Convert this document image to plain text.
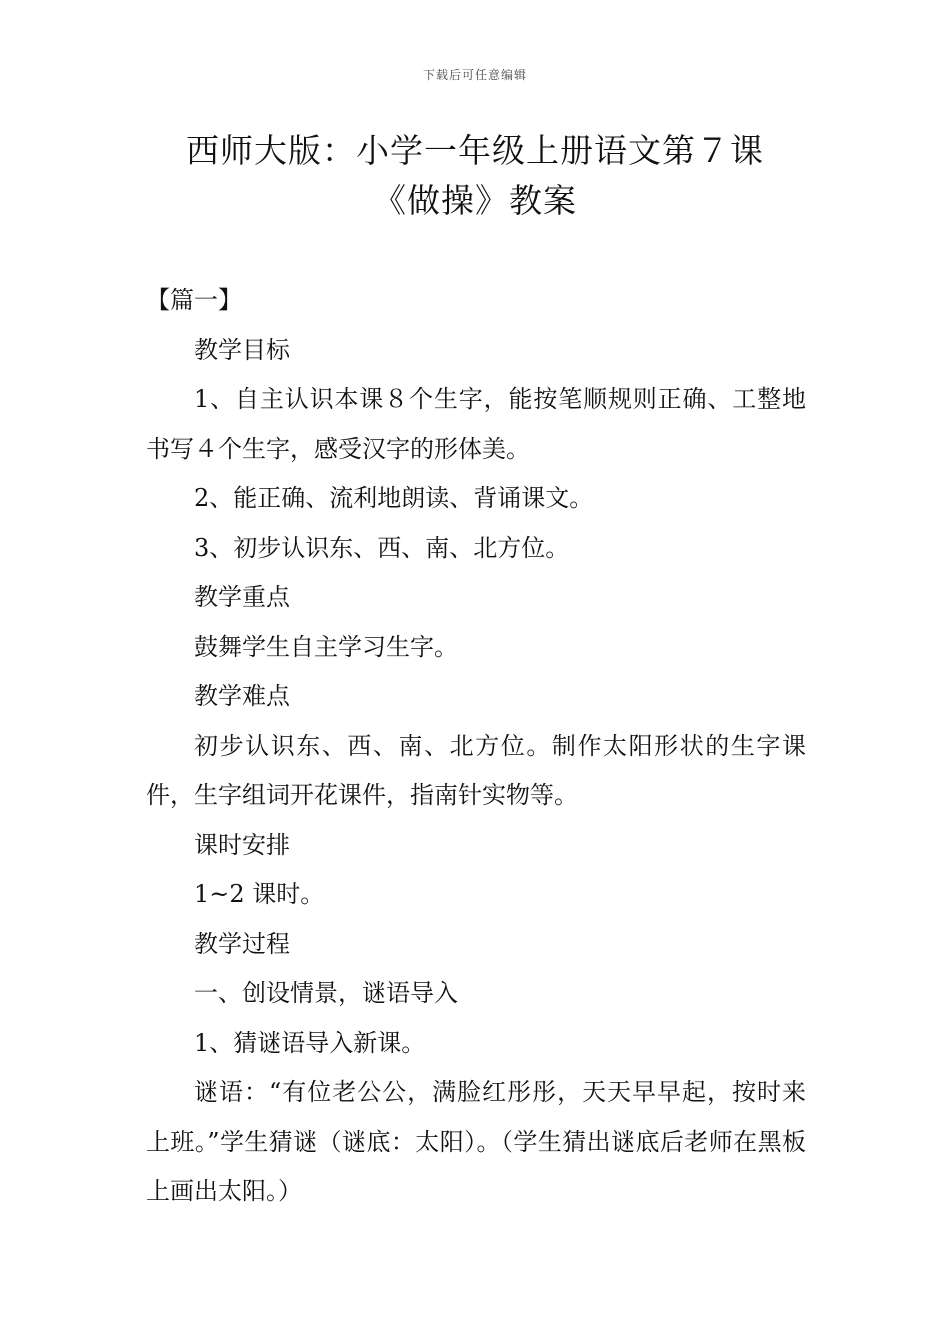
下载后可任意编辑
西师大版：小学一年级上册语文第７课
《做操》教案

【篇一】

教学目标

1、自主认识本课８个生字，能按笔顺规则正确、工整地书写４个生字，感受汉字的形体美。

2、能正确、流利地朗读、背诵课文。

3、初步认识东、西、南、北方位。

教学重点

鼓舞学生自主学习生字。

教学难点

初步认识东、西、南、北方位。制作太阳形状的生字课件，生字组词开花课件，指南针实物等。

课时安排

1~2 课时。

教学过程

一、创设情景，谜语导入

1、猜谜语导入新课。

谜语：“有位老公公，满脸红彤彤，天天早早起，按时来上班。”学生猜谜（谜底：太阳）。（学生猜出谜底后老师在黑板上画出太阳。）
